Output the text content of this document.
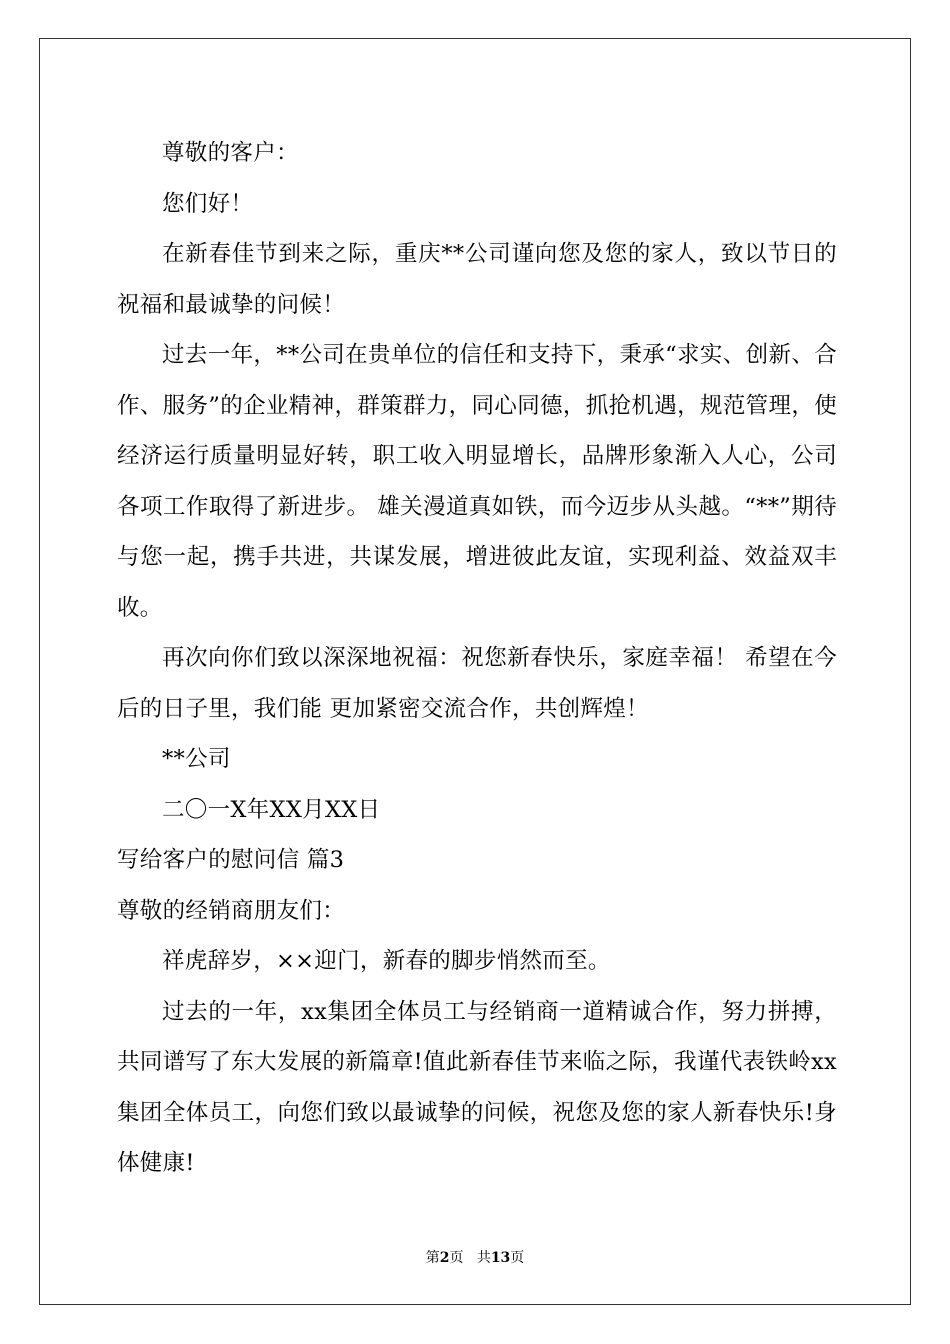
尊敬的客户：

您们好！

在新春佳节到来之际，重庆**公司谨向您及您的家人，致以节日的祝福和最诚挚的问候！

过去一年，**公司在贵单位的信任和支持下，秉承“求实、创新、合作、服务”的企业精神，群策群力，同心同德，抓抢机遇，规范管理，使经济运行质量明显好转，职工收入明显增长，品牌形象渐入人心，公司各项工作取得了新进步。 雄关漫道真如铁，而今迈步从头越。“**”期待与您一起，携手共进，共谋发展，增进彼此友谊，实现利益、效益双丰收。

再次向你们致以深深地祝福：祝您新春快乐，家庭幸福！ 希望在今后的日子里，我们能 更加紧密交流合作，共创辉煌！

**公司

二〇一X年XX月XX日

写给客户的慰问信 篇3

尊敬的经销商朋友们：

祥虎辞岁，××迎门，新春的脚步悄然而至。

过去的一年，xx集团全体员工与经销商一道精诚合作，努力拼搏，共同谱写了东大发展的新篇章!值此新春佳节来临之际，我谨代表铁岭xx集团全体员工，向您们致以最诚挚的问候，祝您及您的家人新春快乐!身体健康!

第2页 共13页
